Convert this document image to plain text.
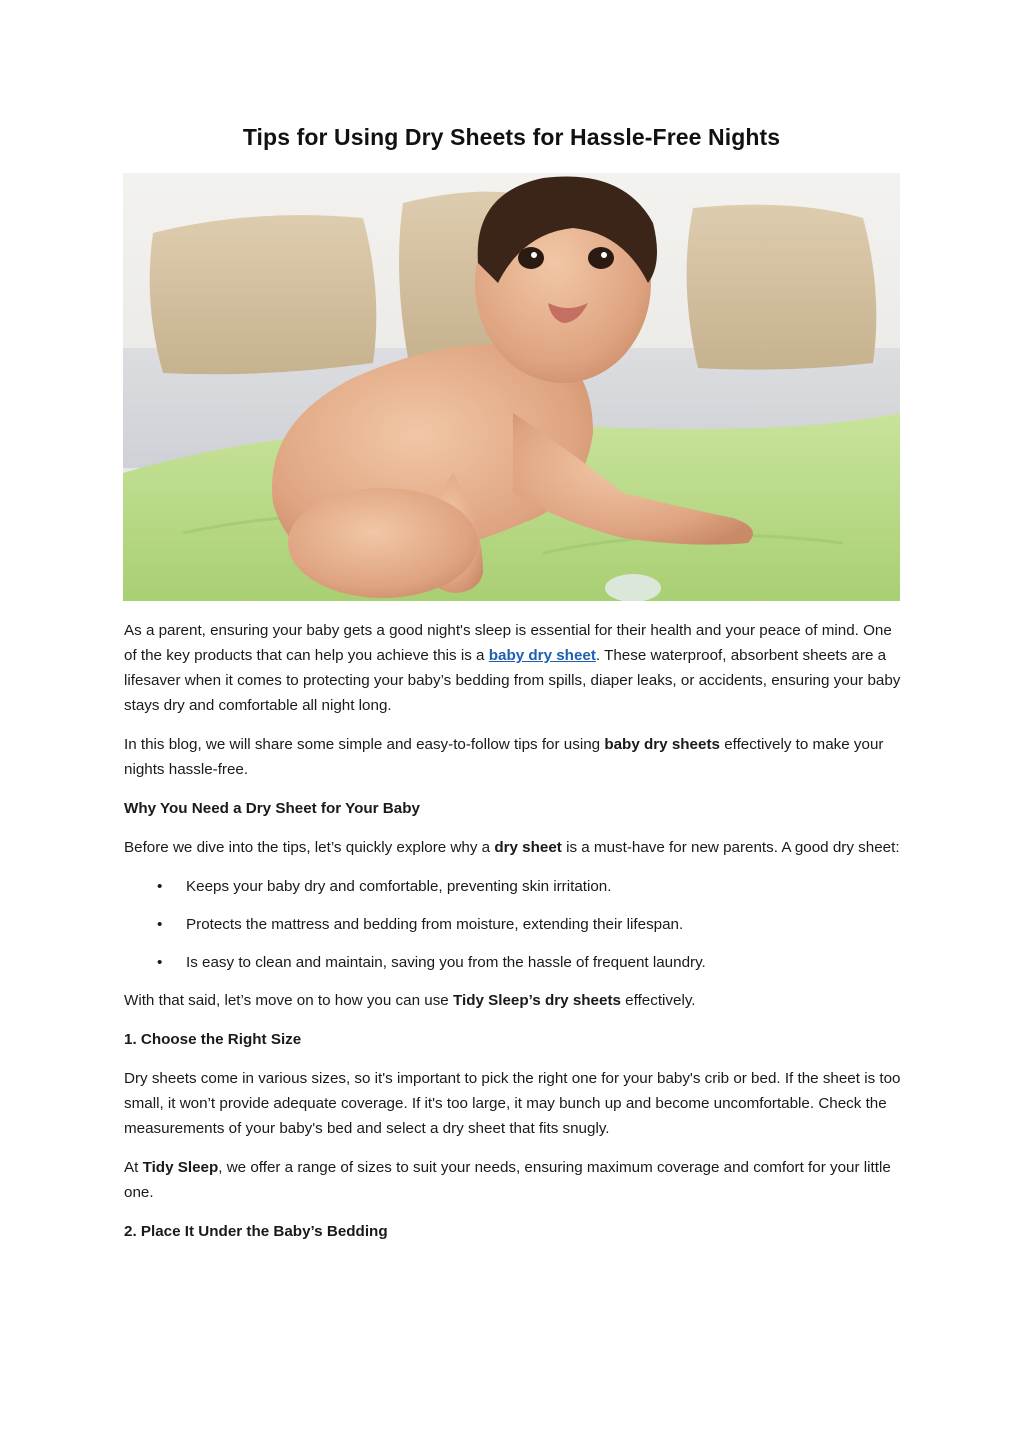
Tips for Using Dry Sheets for Hassle-Free Nights

As a parent, ensuring your baby gets a good night's sleep is essential for their health and your peace of mind. One of the key products that can help you achieve this is a baby dry sheet. These waterproof, absorbent sheets are a lifesaver when it comes to protecting your baby’s bedding from spills, diaper leaks, or accidents, ensuring your baby stays dry and comfortable all night long.

In this blog, we will share some simple and easy-to-follow tips for using baby dry sheets effectively to make your nights hassle-free.

Why You Need a Dry Sheet for Your Baby

Before we dive into the tips, let’s quickly explore why a dry sheet is a must-have for new parents. A good dry sheet:

• Keeps your baby dry and comfortable, preventing skin irritation.
• Protects the mattress and bedding from moisture, extending their lifespan.
• Is easy to clean and maintain, saving you from the hassle of frequent laundry.

With that said, let’s move on to how you can use Tidy Sleep’s dry sheets effectively.

1. Choose the Right Size

Dry sheets come in various sizes, so it's important to pick the right one for your baby's crib or bed. If the sheet is too small, it won’t provide adequate coverage. If it's too large, it may bunch up and become uncomfortable. Check the measurements of your baby's bed and select a dry sheet that fits snugly.

At Tidy Sleep, we offer a range of sizes to suit your needs, ensuring maximum coverage and comfort for your little one.

2. Place It Under the Baby’s Bedding
